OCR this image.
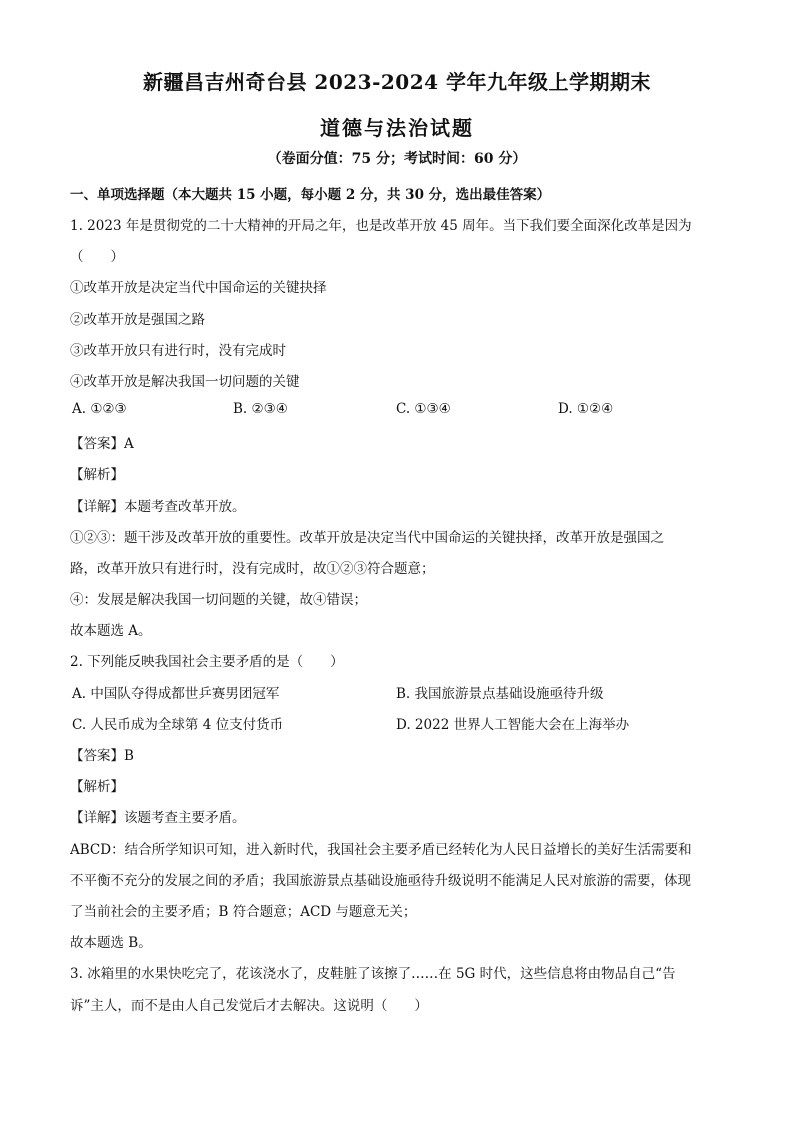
新疆昌吉州奇台县 2023-2024 学年九年级上学期期末
道德与法治试题
（卷面分值：75 分；考试时间：60 分）
一、单项选择题（本大题共 15 小题，每小题 2 分，共 30 分，选出最佳答案）
1. 2023 年是贯彻党的二十大精神的开局之年，也是改革开放 45 周年。当下我们要全面深化改革是因为
（　　）
①改革开放是决定当代中国命运的关键抉择
②改革开放是强国之路
③改革开放只有进行时，没有完成时
④改革开放是解决我国一切问题的关键
A. ①②③	B. ②③④	C. ①③④	D. ①②④
【答案】A
【解析】
【详解】本题考查改革开放。
①②③：题干涉及改革开放的重要性。改革开放是决定当代中国命运的关键抉择，改革开放是强国之
路，改革开放只有进行时，没有完成时，故①②③符合题意；
④：发展是解决我国一切问题的关键，故④错误；
故本题选 A。
2. 下列能反映我国社会主要矛盾的是（　　）
A. 中国队夺得成都世乒赛男团冠军	B. 我国旅游景点基础设施亟待升级
C. 人民币成为全球第 4 位支付货币	D. 2022 世界人工智能大会在上海举办
【答案】B
【解析】
【详解】该题考查主要矛盾。
ABCD：结合所学知识可知，进入新时代，我国社会主要矛盾已经转化为人民日益增长的美好生活需要和
不平衡不充分的发展之间的矛盾；我国旅游景点基础设施亟待升级说明不能满足人民对旅游的需要，体现
了当前社会的主要矛盾；B 符合题意；ACD 与题意无关；
故本题选 B。
3. 冰箱里的水果快吃完了，花该浇水了，皮鞋脏了该擦了……在 5G 时代，这些信息将由物品自己“告
诉”主人，而不是由人自己发觉后才去解决。这说明（　　）
